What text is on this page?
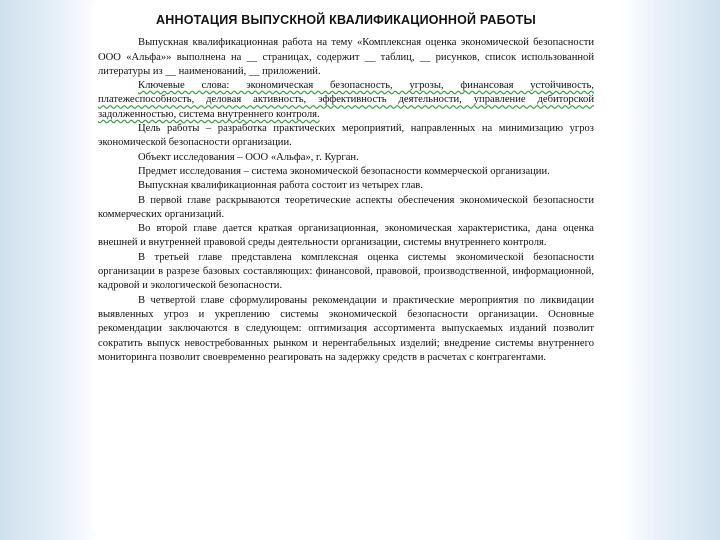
АННОТАЦИЯ ВЫПУСКНОЙ КВАЛИФИКАЦИОННОЙ РАБОТЫ

Выпускная квалификационная работа на тему «Комплексная оценка экономической безопасности ООО «Альфа»» выполнена на __ страницах, содержит __ таблиц, __ рисунков, список использованной литературы из __ наименований, __ приложений.

Ключевые слова: экономическая безопасность, угрозы, финансовая устойчивость, платежеспособность, деловая активность, эффективность деятельности, управление дебиторской задолженностью, система внутреннего контроля.

Цель работы – разработка практических мероприятий, направленных на минимизацию угроз экономической безопасности организации.

Объект исследования – ООО «Альфа», г. Курган.

Предмет исследования – система экономической безопасности коммерческой организации.

Выпускная квалификационная работа состоит из четырех глав.

В первой главе раскрываются теоретические аспекты обеспечения экономической безопасности коммерческих организаций.

Во второй главе дается краткая организационная, экономическая характеристика, дана оценка внешней и внутренней правовой среды деятельности организации, системы внутреннего контроля.

В третьей главе представлена комплексная оценка системы экономической безопасности организации в разрезе базовых составляющих: финансовой, правовой, производственной, информационной, кадровой и экологической безопасности.

В четвертой главе сформулированы рекомендации и практические мероприятия по ликвидации выявленных угроз и укреплению системы экономической безопасности организации. Основные рекомендации заключаются в следующем: оптимизация ассортимента выпускаемых изданий позволит сократить выпуск невостребованных рынком и нерентабельных изделий; внедрение системы внутреннего мониторинга позволит своевременно реагировать на задержку средств в расчетах с контрагентами.
